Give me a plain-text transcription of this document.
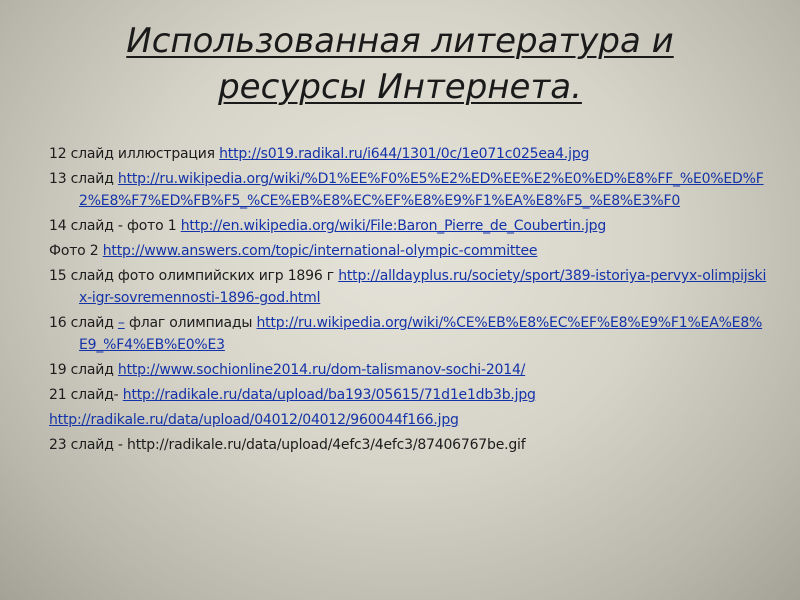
Использованная литература и
ресурсы Интернета.
12 слайд иллюстрация http://s019.radikal.ru/i644/1301/0c/1e071c025ea4.jpg
13 слайд http://ru.wikipedia.org/wiki/%D1%EE%F0%E5%E2%ED%EE%E2%E0%ED%E8%FF_%E0%ED%F2%E8%F7%ED%FB%F5_%CE%EB%E8%EC%EF%E8%E9%F1%EA%E8%F5_%E8%E3%F0
14 слайд - фото 1 http://en.wikipedia.org/wiki/File:Baron_Pierre_de_Coubertin.jpg
Фото 2 http://www.answers.com/topic/international-olympic-committee
15 слайд фото олимпийских игр 1896 г http://alldayplus.ru/society/sport/389-istoriya-pervyx-olimpijskix-igr-sovremennosti-1896-god.html
16 слайд – флаг олимпиады http://ru.wikipedia.org/wiki/%CE%EB%E8%EC%EF%E8%E9%F1%EA%E8%E9_%F4%EB%E0%E3
19 слайд http://www.sochionline2014.ru/dom-talismanov-sochi-2014/
21 слайд- http://radikale.ru/data/upload/ba193/05615/71d1e1db3b.jpg
http://radikale.ru/data/upload/04012/04012/960044f166.jpg
23 слайд - http://radikale.ru/data/upload/4efc3/4efc3/87406767be.gif
